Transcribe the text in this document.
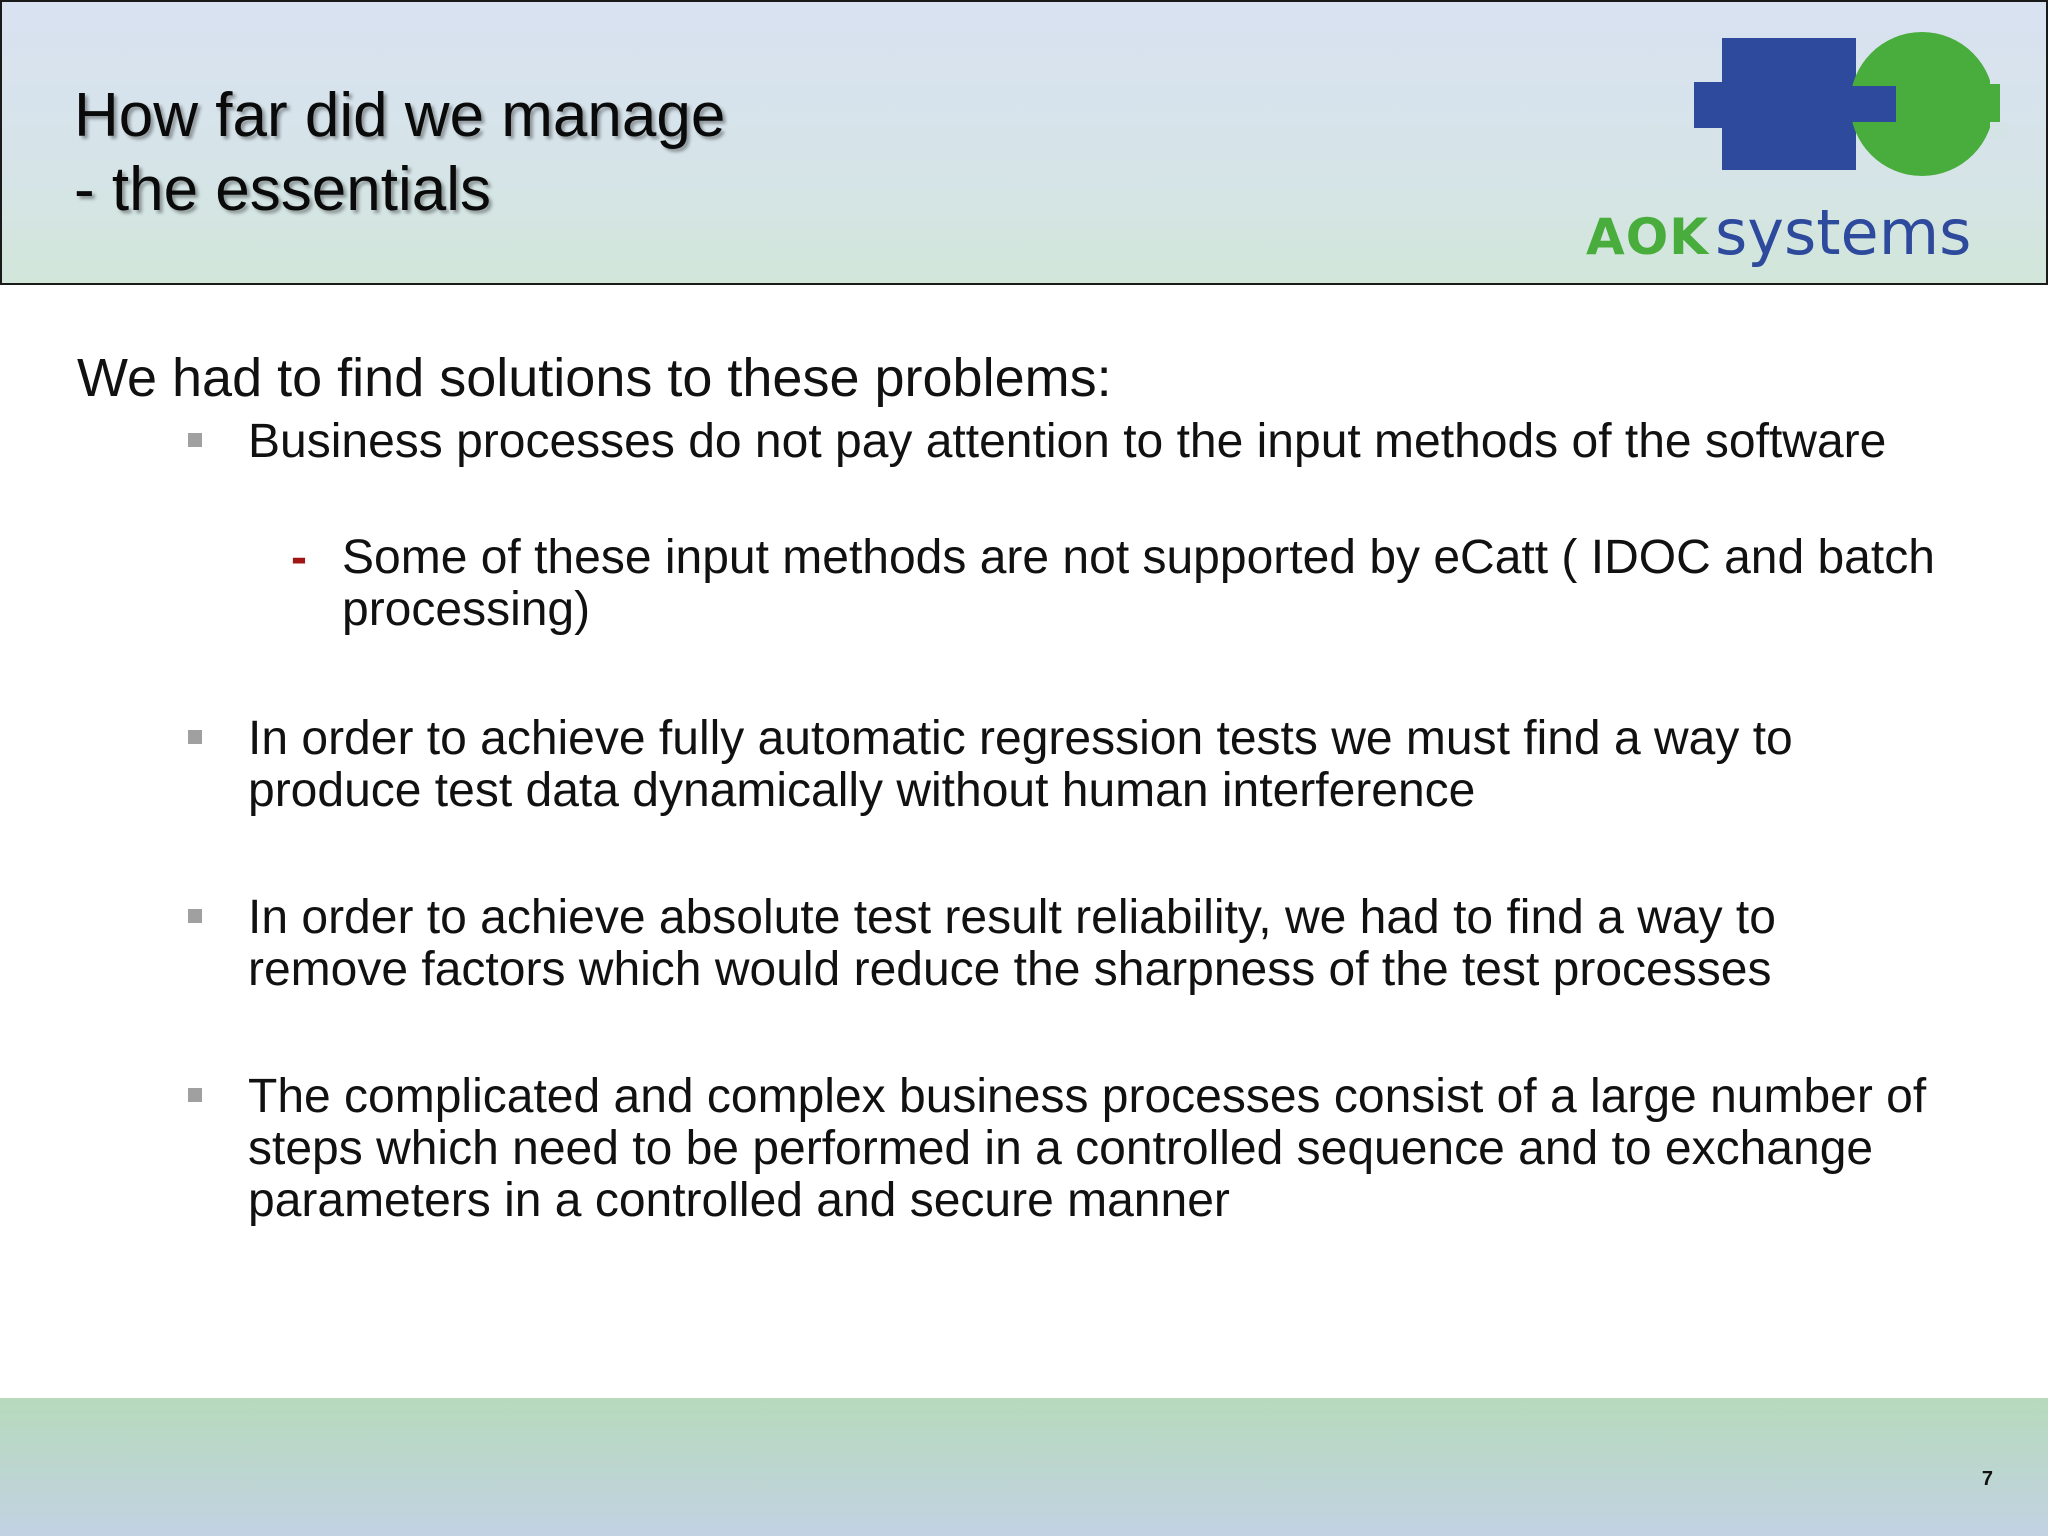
How far did we manage
- the essentials
AOKsystems
We had to find solutions to these problems:
Business processes do not pay attention to the input methods of the software
- Some of these input methods are not supported by eCatt ( IDOC and batch processing)
In order to achieve fully automatic regression tests we must find a way to produce test data dynamically without human interference
In order to achieve absolute test result reliability, we had to find a way to remove factors which would reduce the sharpness of the test processes
The complicated and complex business processes consist of a large number of steps which need to be performed in a controlled sequence and to exchange parameters in a controlled and secure manner
7
